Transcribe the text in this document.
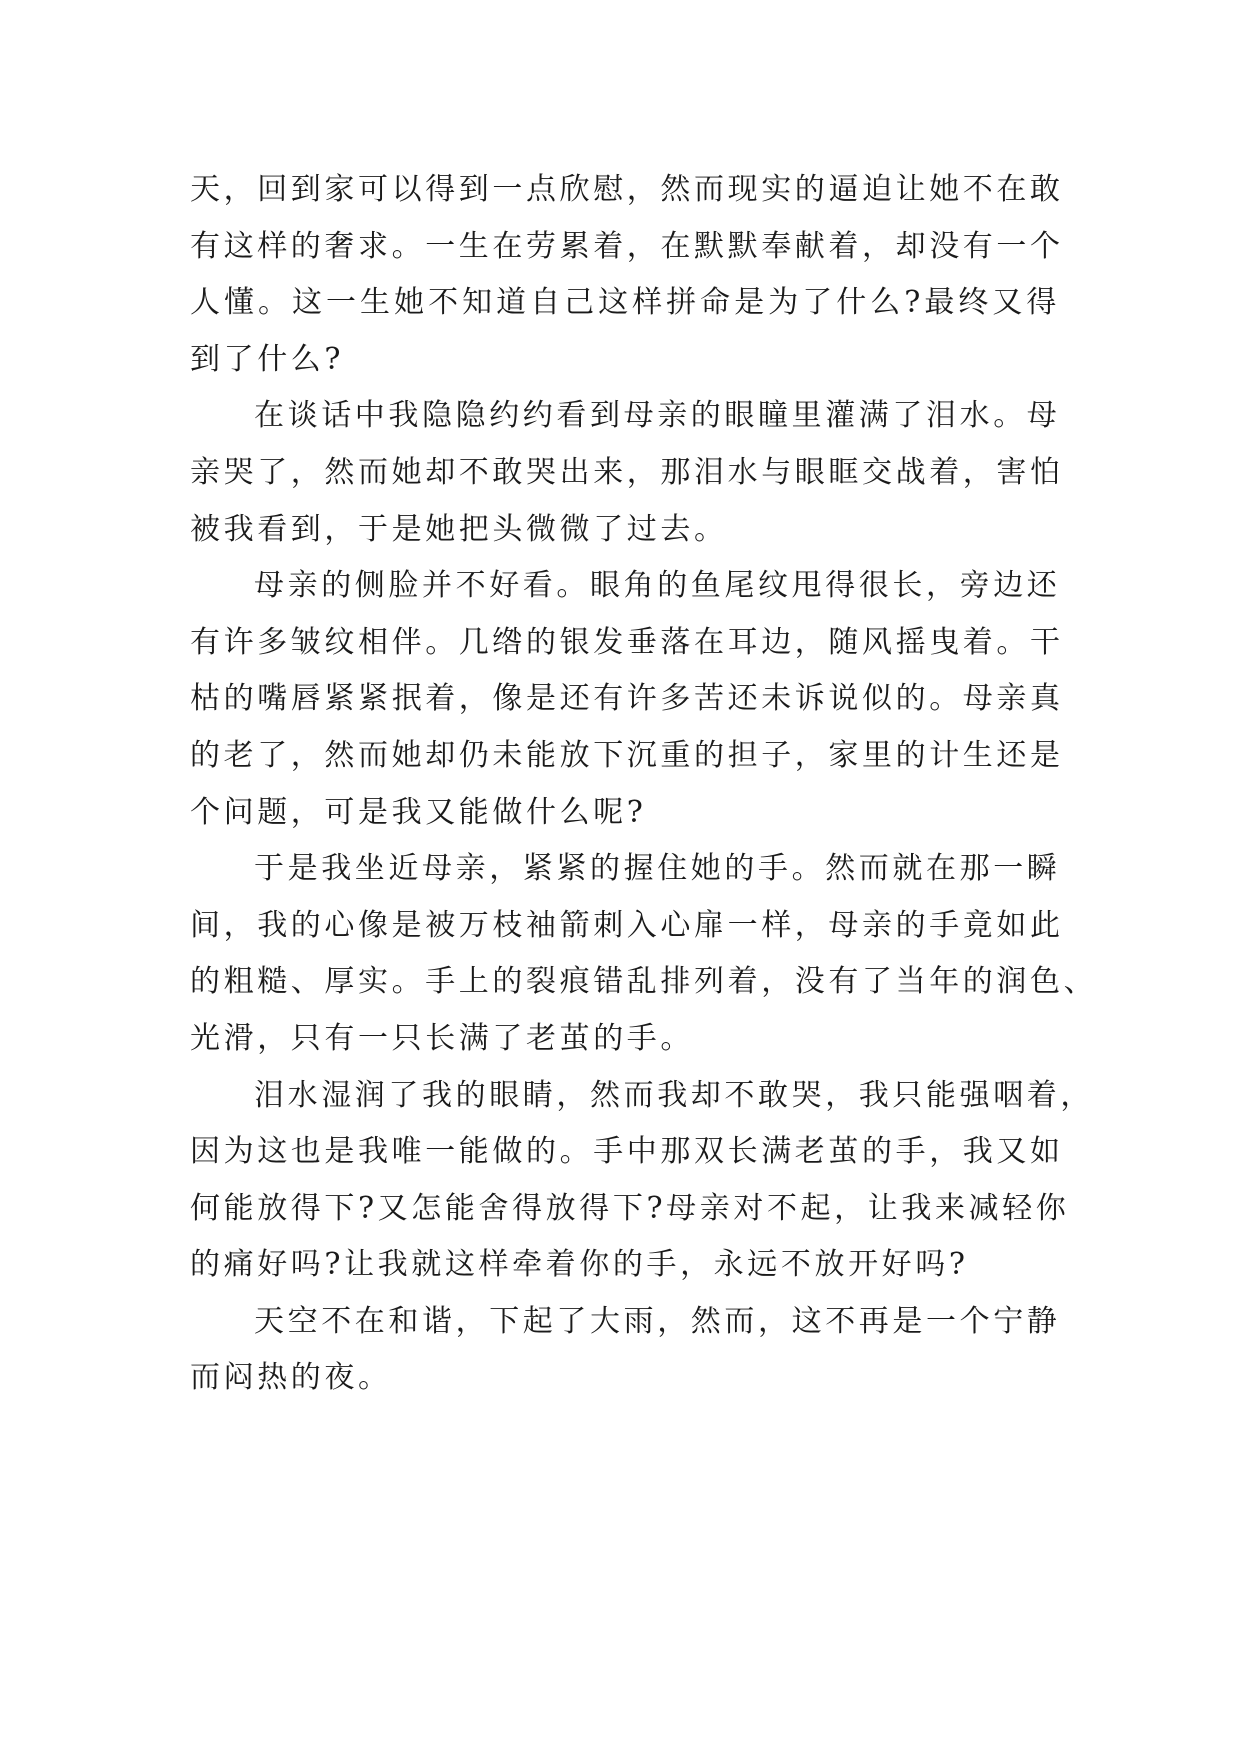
天，回到家可以得到一点欣慰，然而现实的逼迫让她不在敢
有这样的奢求。一生在劳累着，在默默奉献着，却没有一个
人懂。这一生她不知道自己这样拼命是为了什么?最终又得
到了什么?
在谈话中我隐隐约约看到母亲的眼瞳里灌满了泪水。母
亲哭了，然而她却不敢哭出来，那泪水与眼眶交战着，害怕
被我看到，于是她把头微微了过去。
母亲的侧脸并不好看。眼角的鱼尾纹甩得很长，旁边还
有许多皱纹相伴。几绺的银发垂落在耳边，随风摇曳着。干
枯的嘴唇紧紧抿着，像是还有许多苦还未诉说似的。母亲真
的老了，然而她却仍未能放下沉重的担子，家里的计生还是
个问题，可是我又能做什么呢?
于是我坐近母亲，紧紧的握住她的手。然而就在那一瞬
间，我的心像是被万枝袖箭刺入心扉一样，母亲的手竟如此
的粗糙、厚实。手上的裂痕错乱排列着，没有了当年的润色、
光滑，只有一只长满了老茧的手。
泪水湿润了我的眼睛，然而我却不敢哭，我只能强咽着，
因为这也是我唯一能做的。手中那双长满老茧的手，我又如
何能放得下?又怎能舍得放得下?母亲对不起，让我来减轻你
的痛好吗?让我就这样牵着你的手，永远不放开好吗?
天空不在和谐，下起了大雨，然而，这不再是一个宁静
而闷热的夜。
